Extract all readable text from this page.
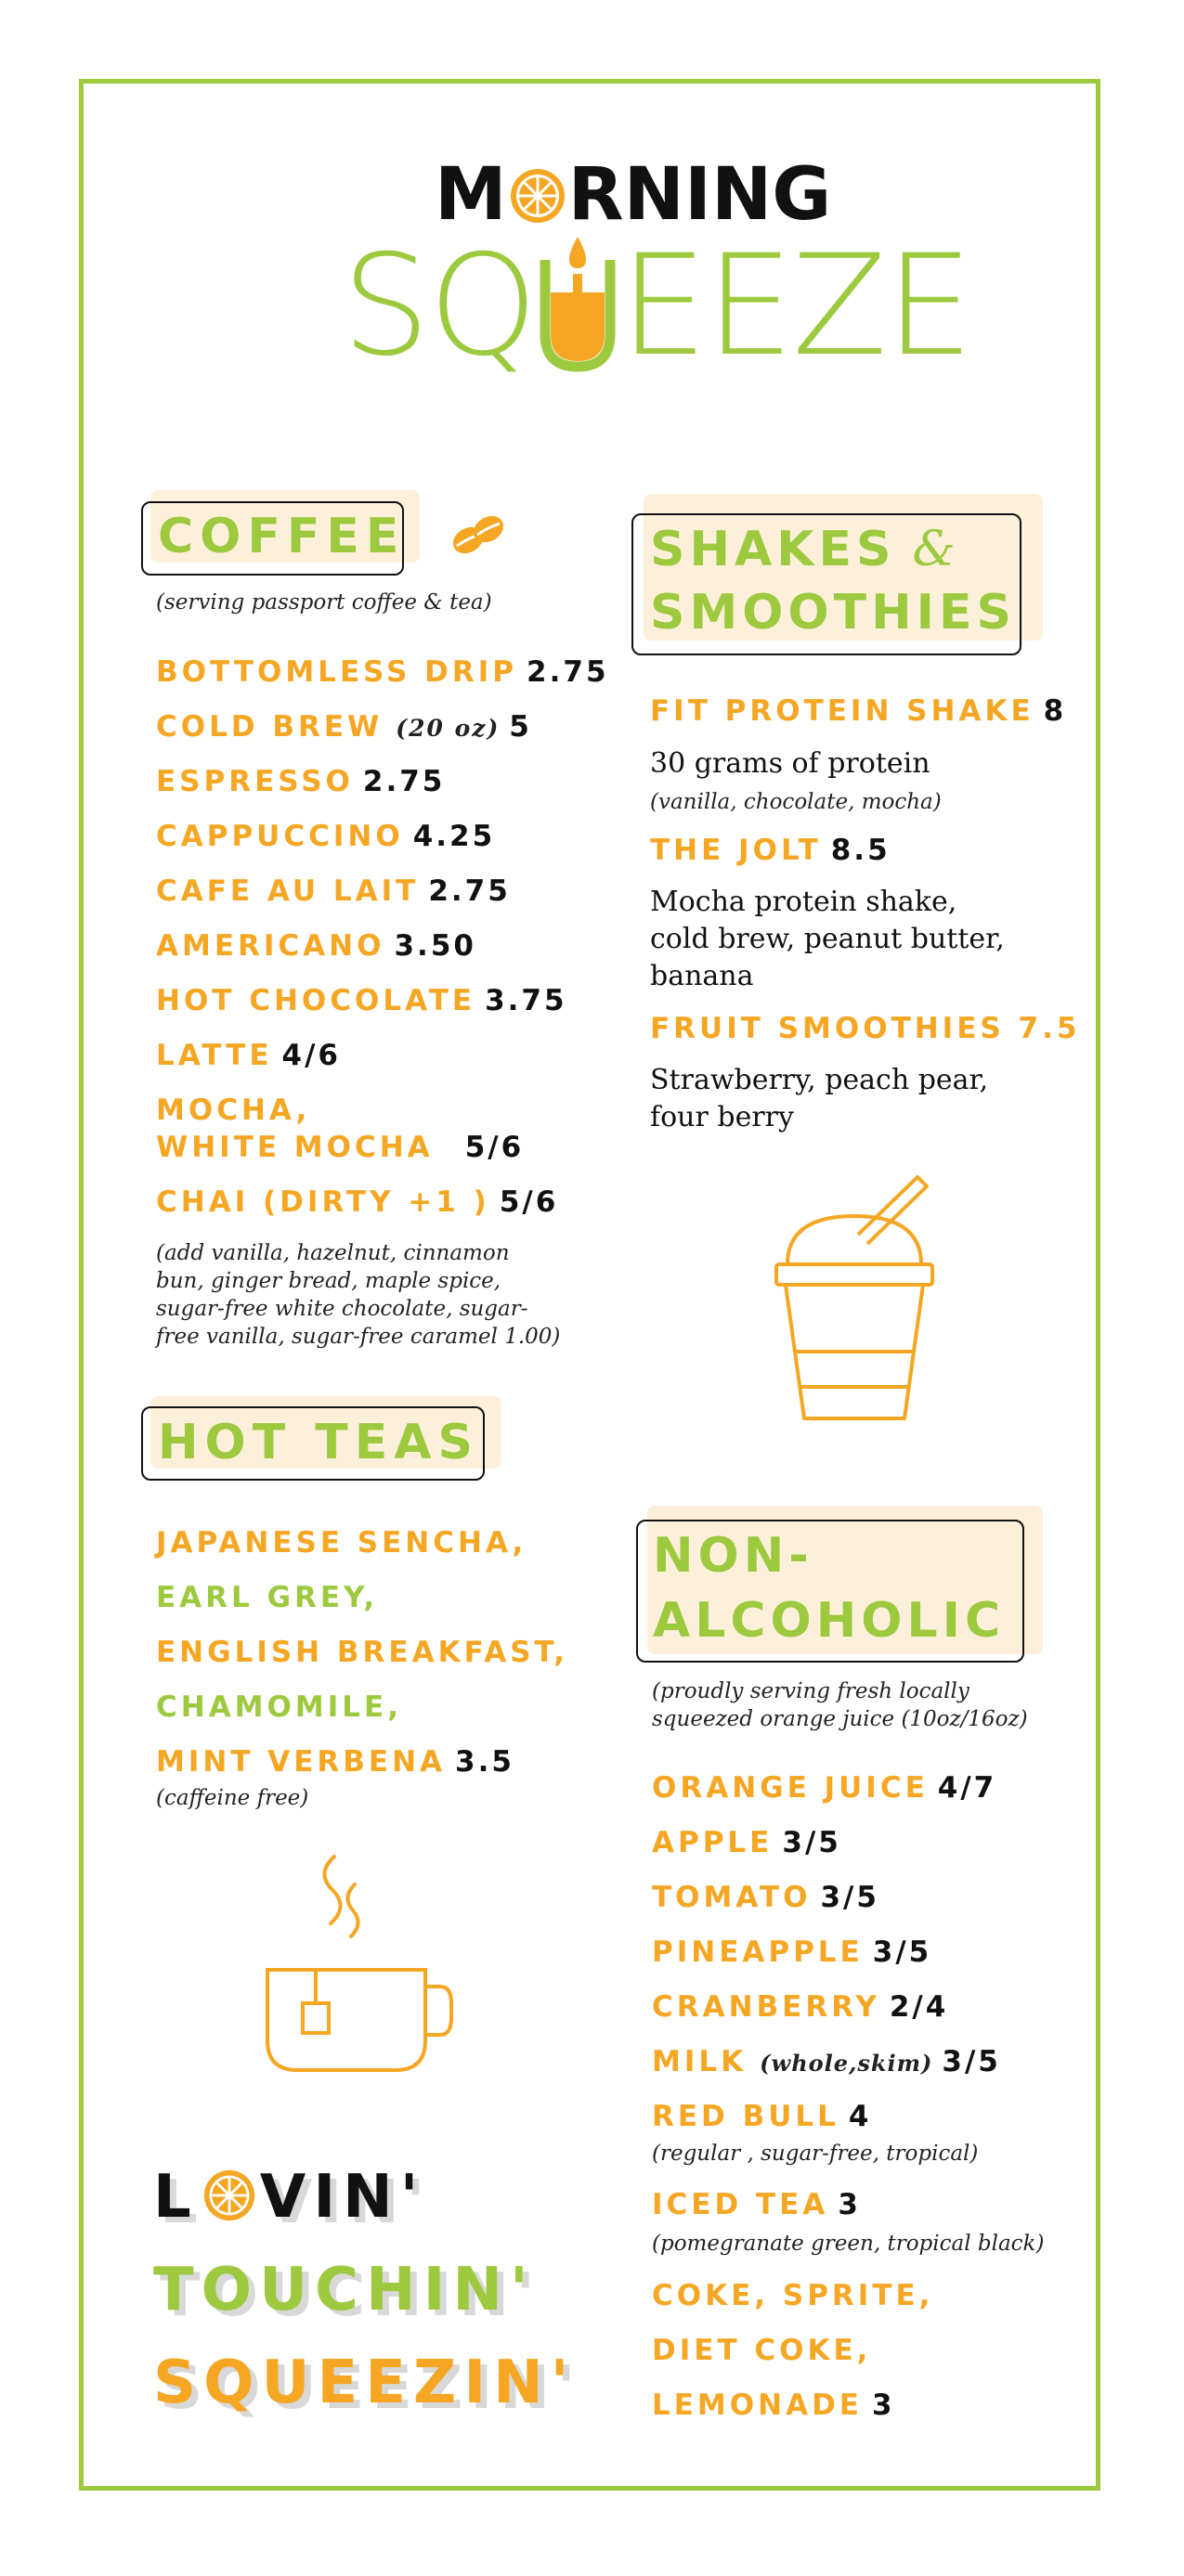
M RNING
SQ EEZE
COFFEE
(serving passport coffee & tea)
BOTTOMLESS DRIP 2.75
COLD BREW (20 oz) 5
ESPRESSO 2.75
CAPPUCCINO 4.25
CAFE AU LAIT 2.75
AMERICANO 3.50
HOT CHOCOLATE 3.75
LATTE 4/6
MOCHA,
WHITE MOCHA 5/6
CHAI (DIRTY +1 ) 5/6
(add vanilla, hazelnut, cinnamon
bun, ginger bread, maple spice,
sugar-free white chocolate, sugar-
free vanilla, sugar-free caramel 1.00)
HOT TEAS
JAPANESE SENCHA,
EARL GREY,
ENGLISH BREAKFAST,
CHAMOMILE,
MINT VERBENA 3.5
(caffeine free)
L VIN'
TOUCHIN'
SQUEEZIN'
SHAKES &
SMOOTHIES
FIT PROTEIN SHAKE 8
30 grams of protein
(vanilla, chocolate, mocha)
THE JOLT 8.5
Mocha protein shake,
cold brew, peanut butter,
banana
FRUIT SMOOTHIES 7.5
Strawberry, peach pear,
four berry
NON-
ALCOHOLIC
(proudly serving fresh locally
squeezed orange juice (10oz/16oz)
ORANGE JUICE 4/7
APPLE 3/5
TOMATO 3/5
PINEAPPLE 3/5
CRANBERRY 2/4
MILK (whole,skim) 3/5
RED BULL 4
(regular , sugar-free, tropical)
ICED TEA 3
(pomegranate green, tropical black)
COKE, SPRITE,
DIET COKE,
LEMONADE 3
